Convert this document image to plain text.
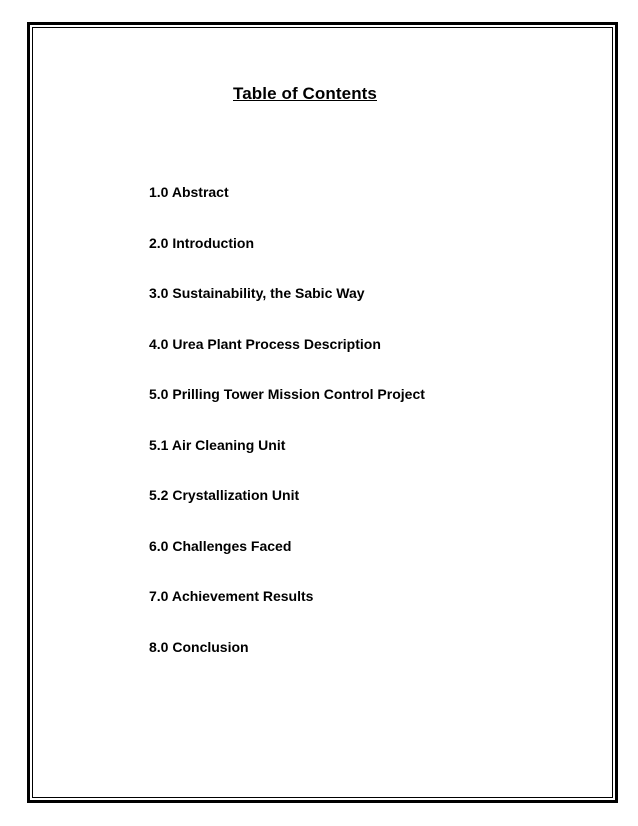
Table of Contents
1.0 Abstract
2.0 Introduction
3.0 Sustainability, the Sabic Way
4.0 Urea Plant Process Description
5.0 Prilling Tower Mission Control Project
5.1 Air Cleaning Unit
5.2 Crystallization Unit
6.0 Challenges Faced
7.0 Achievement Results
8.0 Conclusion
